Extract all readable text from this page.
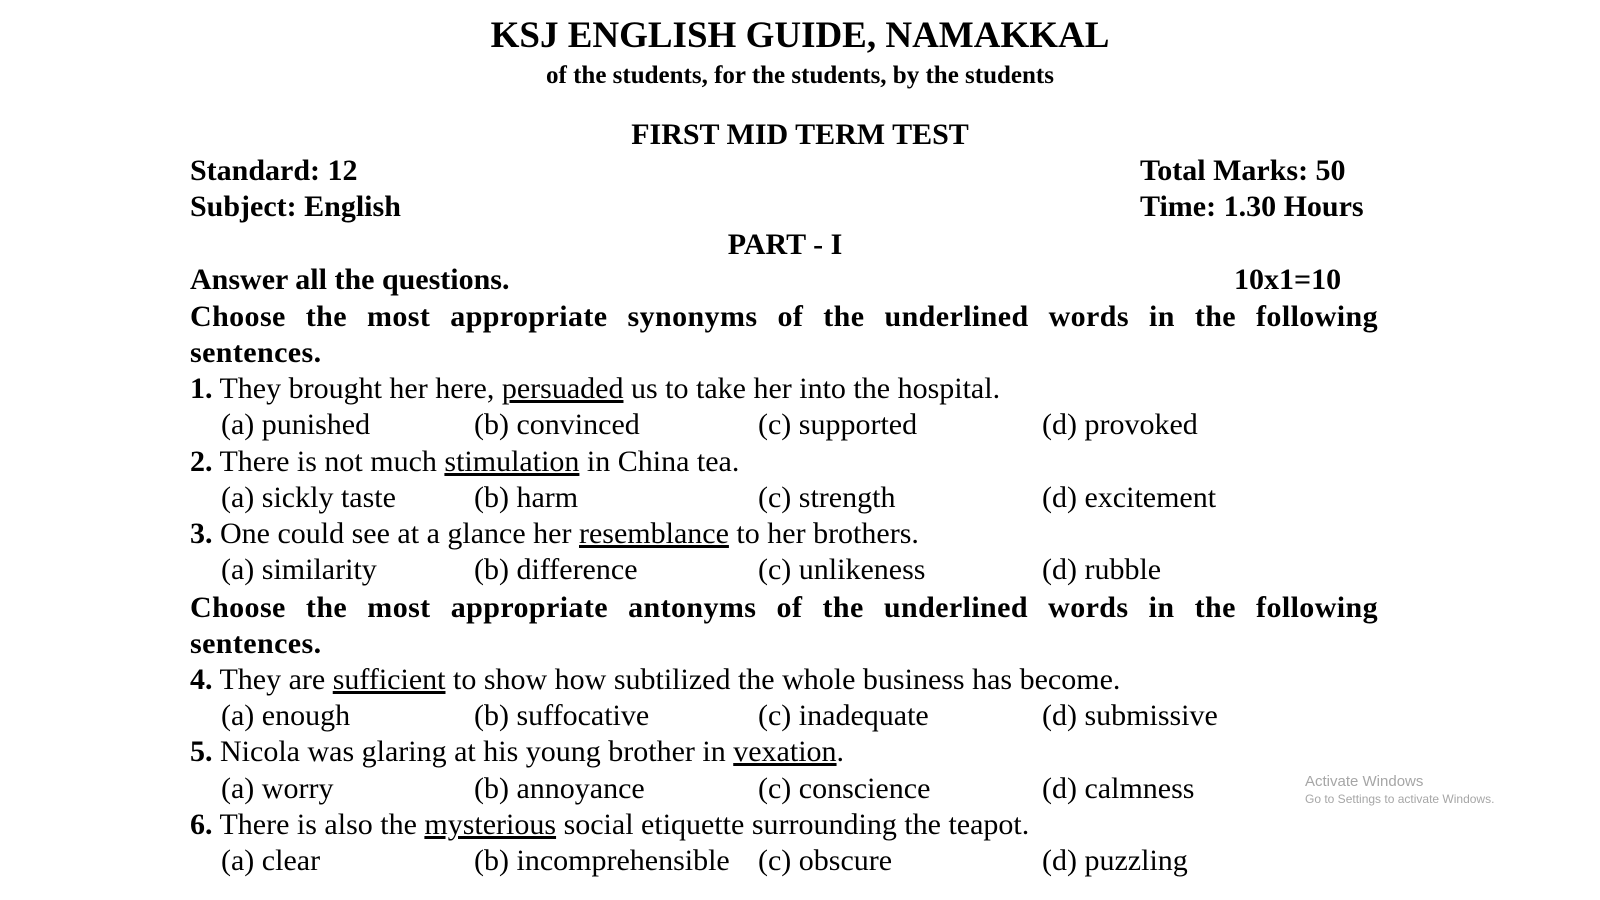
KSJ ENGLISH GUIDE, NAMAKKAL
of the students, for the students, by the students
FIRST MID TERM TEST
Standard: 12	Total Marks: 50
Subject: English	Time: 1.30 Hours
PART - I
Answer all the questions.	10x1=10
Choose the most appropriate synonyms of the underlined words in the following sentences.
1. They brought her here, persuaded us to take her into the hospital.
(a) punished	(b) convinced	(c) supported	(d) provoked
2. There is not much stimulation in China tea.
(a) sickly taste	(b) harm	(c) strength	(d) excitement
3. One could see at a glance her resemblance to her brothers.
(a) similarity	(b) difference	(c) unlikeness	(d) rubble
Choose the most appropriate antonyms of the underlined words in the following sentences.
4. They are sufficient to show how subtilized the whole business has become.
(a) enough	(b) suffocative	(c) inadequate	(d) submissive
5. Nicola was glaring at his young brother in vexation.
(a) worry	(b) annoyance	(c) conscience	(d) calmness
6. There is also the mysterious social etiquette surrounding the teapot.
(a) clear	(b) incomprehensible (c) obscure	(d) puzzling
Activate Windows
Go to Settings to activate Windows.
